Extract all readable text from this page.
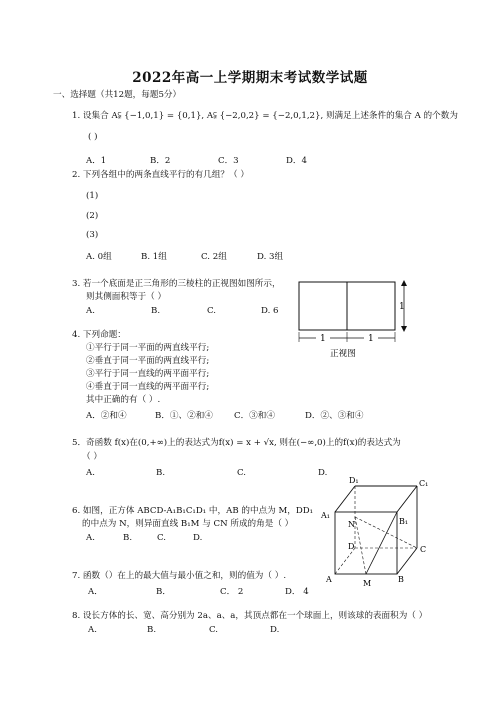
2022年高一上学期期末考试数学试题
一、选择题（共12题，每题5分）
1. 设集合 A⫋ {−1,0,1} = {0,1}, A⫋ {−2,0,2} = {−2,0,1,2}, 则满足上述条件的集合 A 的个数为
( )
A．1	B．2	C．3	D．4
2. 下列各组中的两条直线平行的有几组？（ ）
(1)
(2)
(3)
A. 0组	B. 1组	C. 2组	D. 3组
3. 若一个底面是正三角形的三棱柱的正视图如图所示，
则其侧面积等于（ ）
A.	B.	C.	D. 6	1
1	1
正视图
4. 下列命题：
①平行于同一平面的两直线平行;
②垂直于同一平面的两直线平行;
③平行于同一直线的两平面平行;
④垂直于同一直线的两平面平行;
其中正确的有（ ）.
A．②和④	B．①、②和④ C．③和④	D．②、③和④
5．奇函数 f(x)在(0,+∞)上的表达式为f(x) = x + √x, 则在(−∞,0)上的f(x)的表达式为
（ ）
A.	B.	C.	D.
6. 如图，正方体 ABCD-A₁B₁C₁D₁ 中，AB 的中点为 M，DD₁
的中点为 N，则异面直线 B₁M 与 CN 所成的角是（ ）
A.	B.	C.	D.
D₁	C₁
A₁
B₁
N
D	C
A	M	B
7. 函数（）在上的最大值与最小值之和，则的值为（ ）.
A．	B．	C． 2	D． 4
8. 设长方体的长、宽、高分别为 2a、a、a，其顶点都在一个球面上，则该球的表面积为（ ）
A.	B.	C.	D.
